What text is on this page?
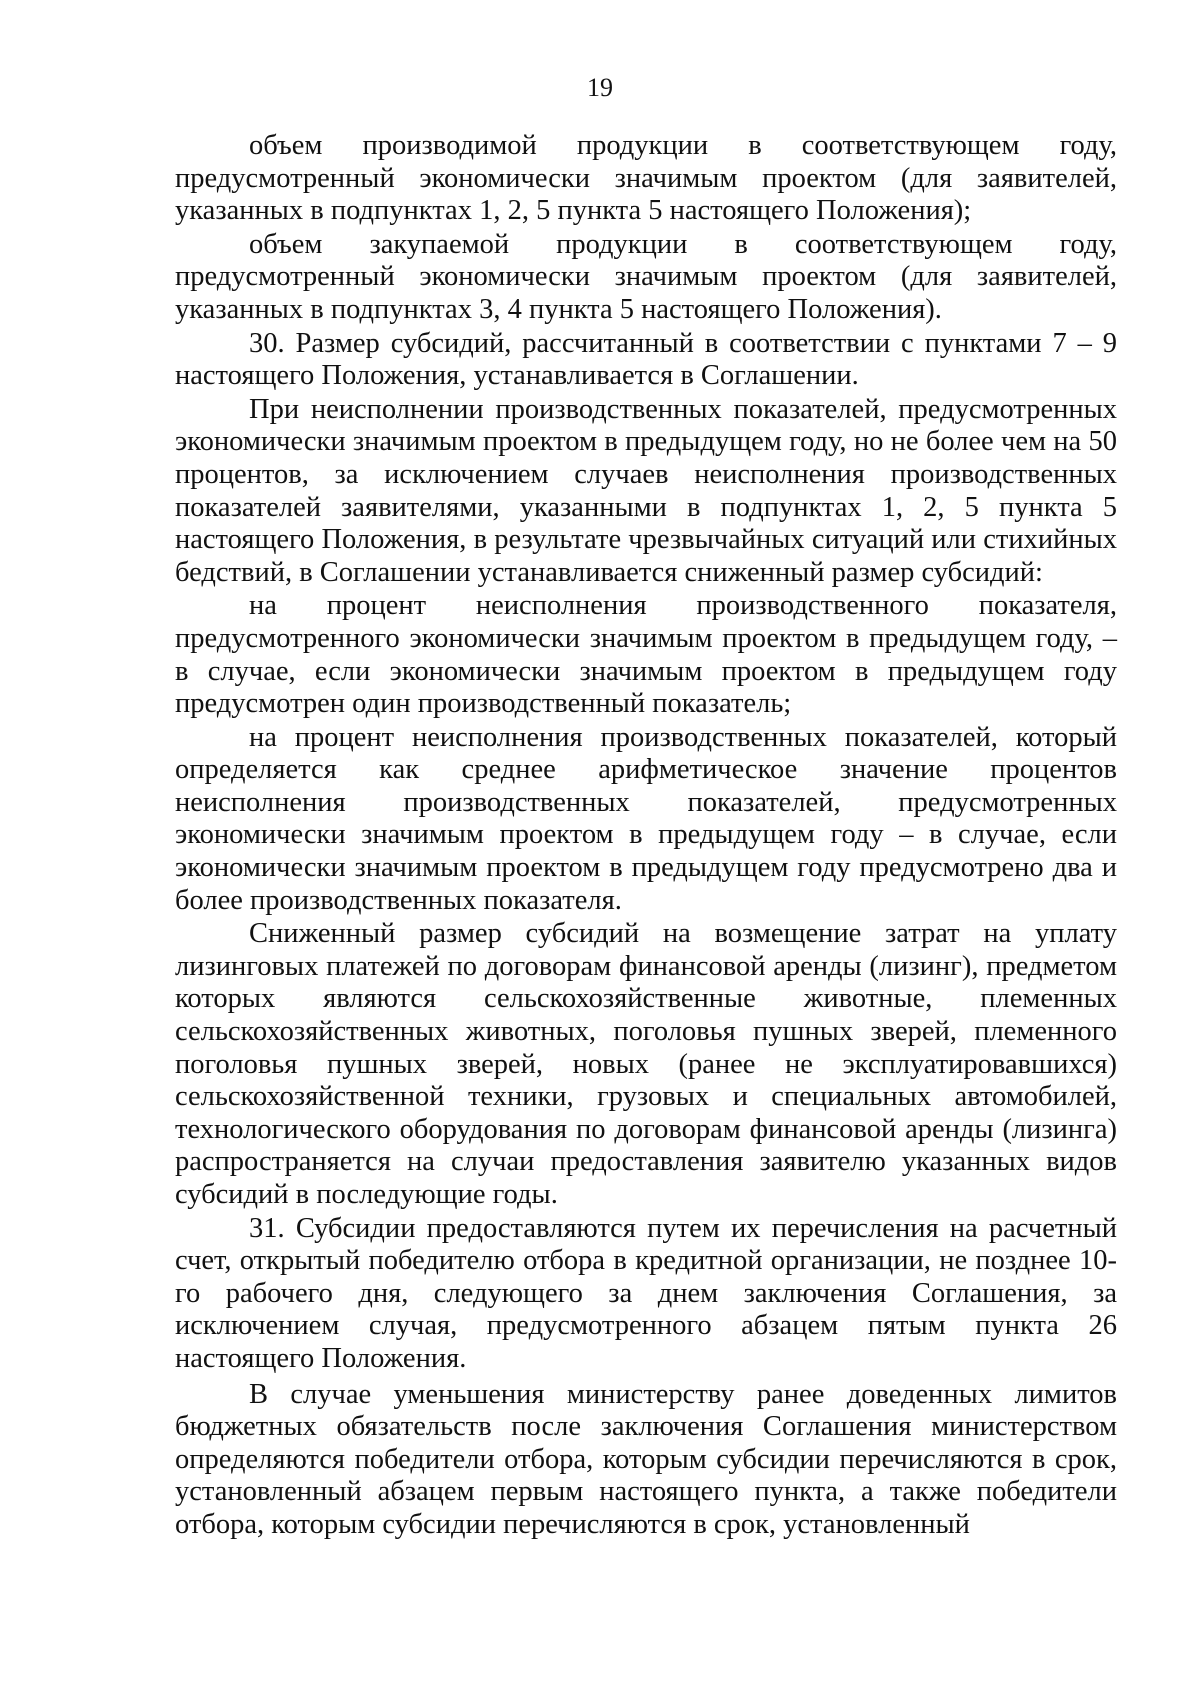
19

объем производимой продукции в соответствующем году, предусмотренный экономически значимым проектом (для заявителей, указанных в подпунктах 1, 2, 5 пункта 5 настоящего Положения);

объем закупаемой продукции в соответствующем году, предусмотренный экономически значимым проектом (для заявителей, указанных в подпунктах 3, 4 пункта 5 настоящего Положения).

30. Размер субсидий, рассчитанный в соответствии с пунктами 7 – 9 настоящего Положения, устанавливается в Соглашении.

При неисполнении производственных показателей, предусмотренных экономически значимым проектом в предыдущем году, но не более чем на 50 процентов, за исключением случаев неисполнения производственных показателей заявителями, указанными в подпунктах 1, 2, 5 пункта 5 настоящего Положения, в результате чрезвычайных ситуаций или стихийных бедствий, в Соглашении устанавливается сниженный размер субсидий:

на процент неисполнения производственного показателя, предусмотренного экономически значимым проектом в предыдущем году, – в случае, если экономически значимым проектом в предыдущем году предусмотрен один производственный показатель;

на процент неисполнения производственных показателей, который определяется как среднее арифметическое значение процентов неисполнения производственных показателей, предусмотренных экономически значимым проектом в предыдущем году – в случае, если экономически значимым проектом в предыдущем году предусмотрено два и более производственных показателя.

Сниженный размер субсидий на возмещение затрат на уплату лизинговых платежей по договорам финансовой аренды (лизинг), предметом которых являются сельскохозяйственные животные, племенных сельскохозяйственных животных, поголовья пушных зверей, племенного поголовья пушных зверей, новых (ранее не эксплуатировавшихся) сельскохозяйственной техники, грузовых и специальных автомобилей, технологического оборудования по договорам финансовой аренды (лизинга) распространяется на случаи предоставления заявителю указанных видов субсидий в последующие годы.

31. Субсидии предоставляются путем их перечисления на расчетный счет, открытый победителю отбора в кредитной организации, не позднее 10-го рабочего дня, следующего за днем заключения Соглашения, за исключением случая, предусмотренного абзацем пятым пункта 26 настоящего Положения.

В случае уменьшения министерству ранее доведенных лимитов бюджетных обязательств после заключения Соглашения министерством определяются победители отбора, которым субсидии перечисляются в срок, установленный абзацем первым настоящего пункта, а также победители отбора, которым субсидии перечисляются в срок, установленный
